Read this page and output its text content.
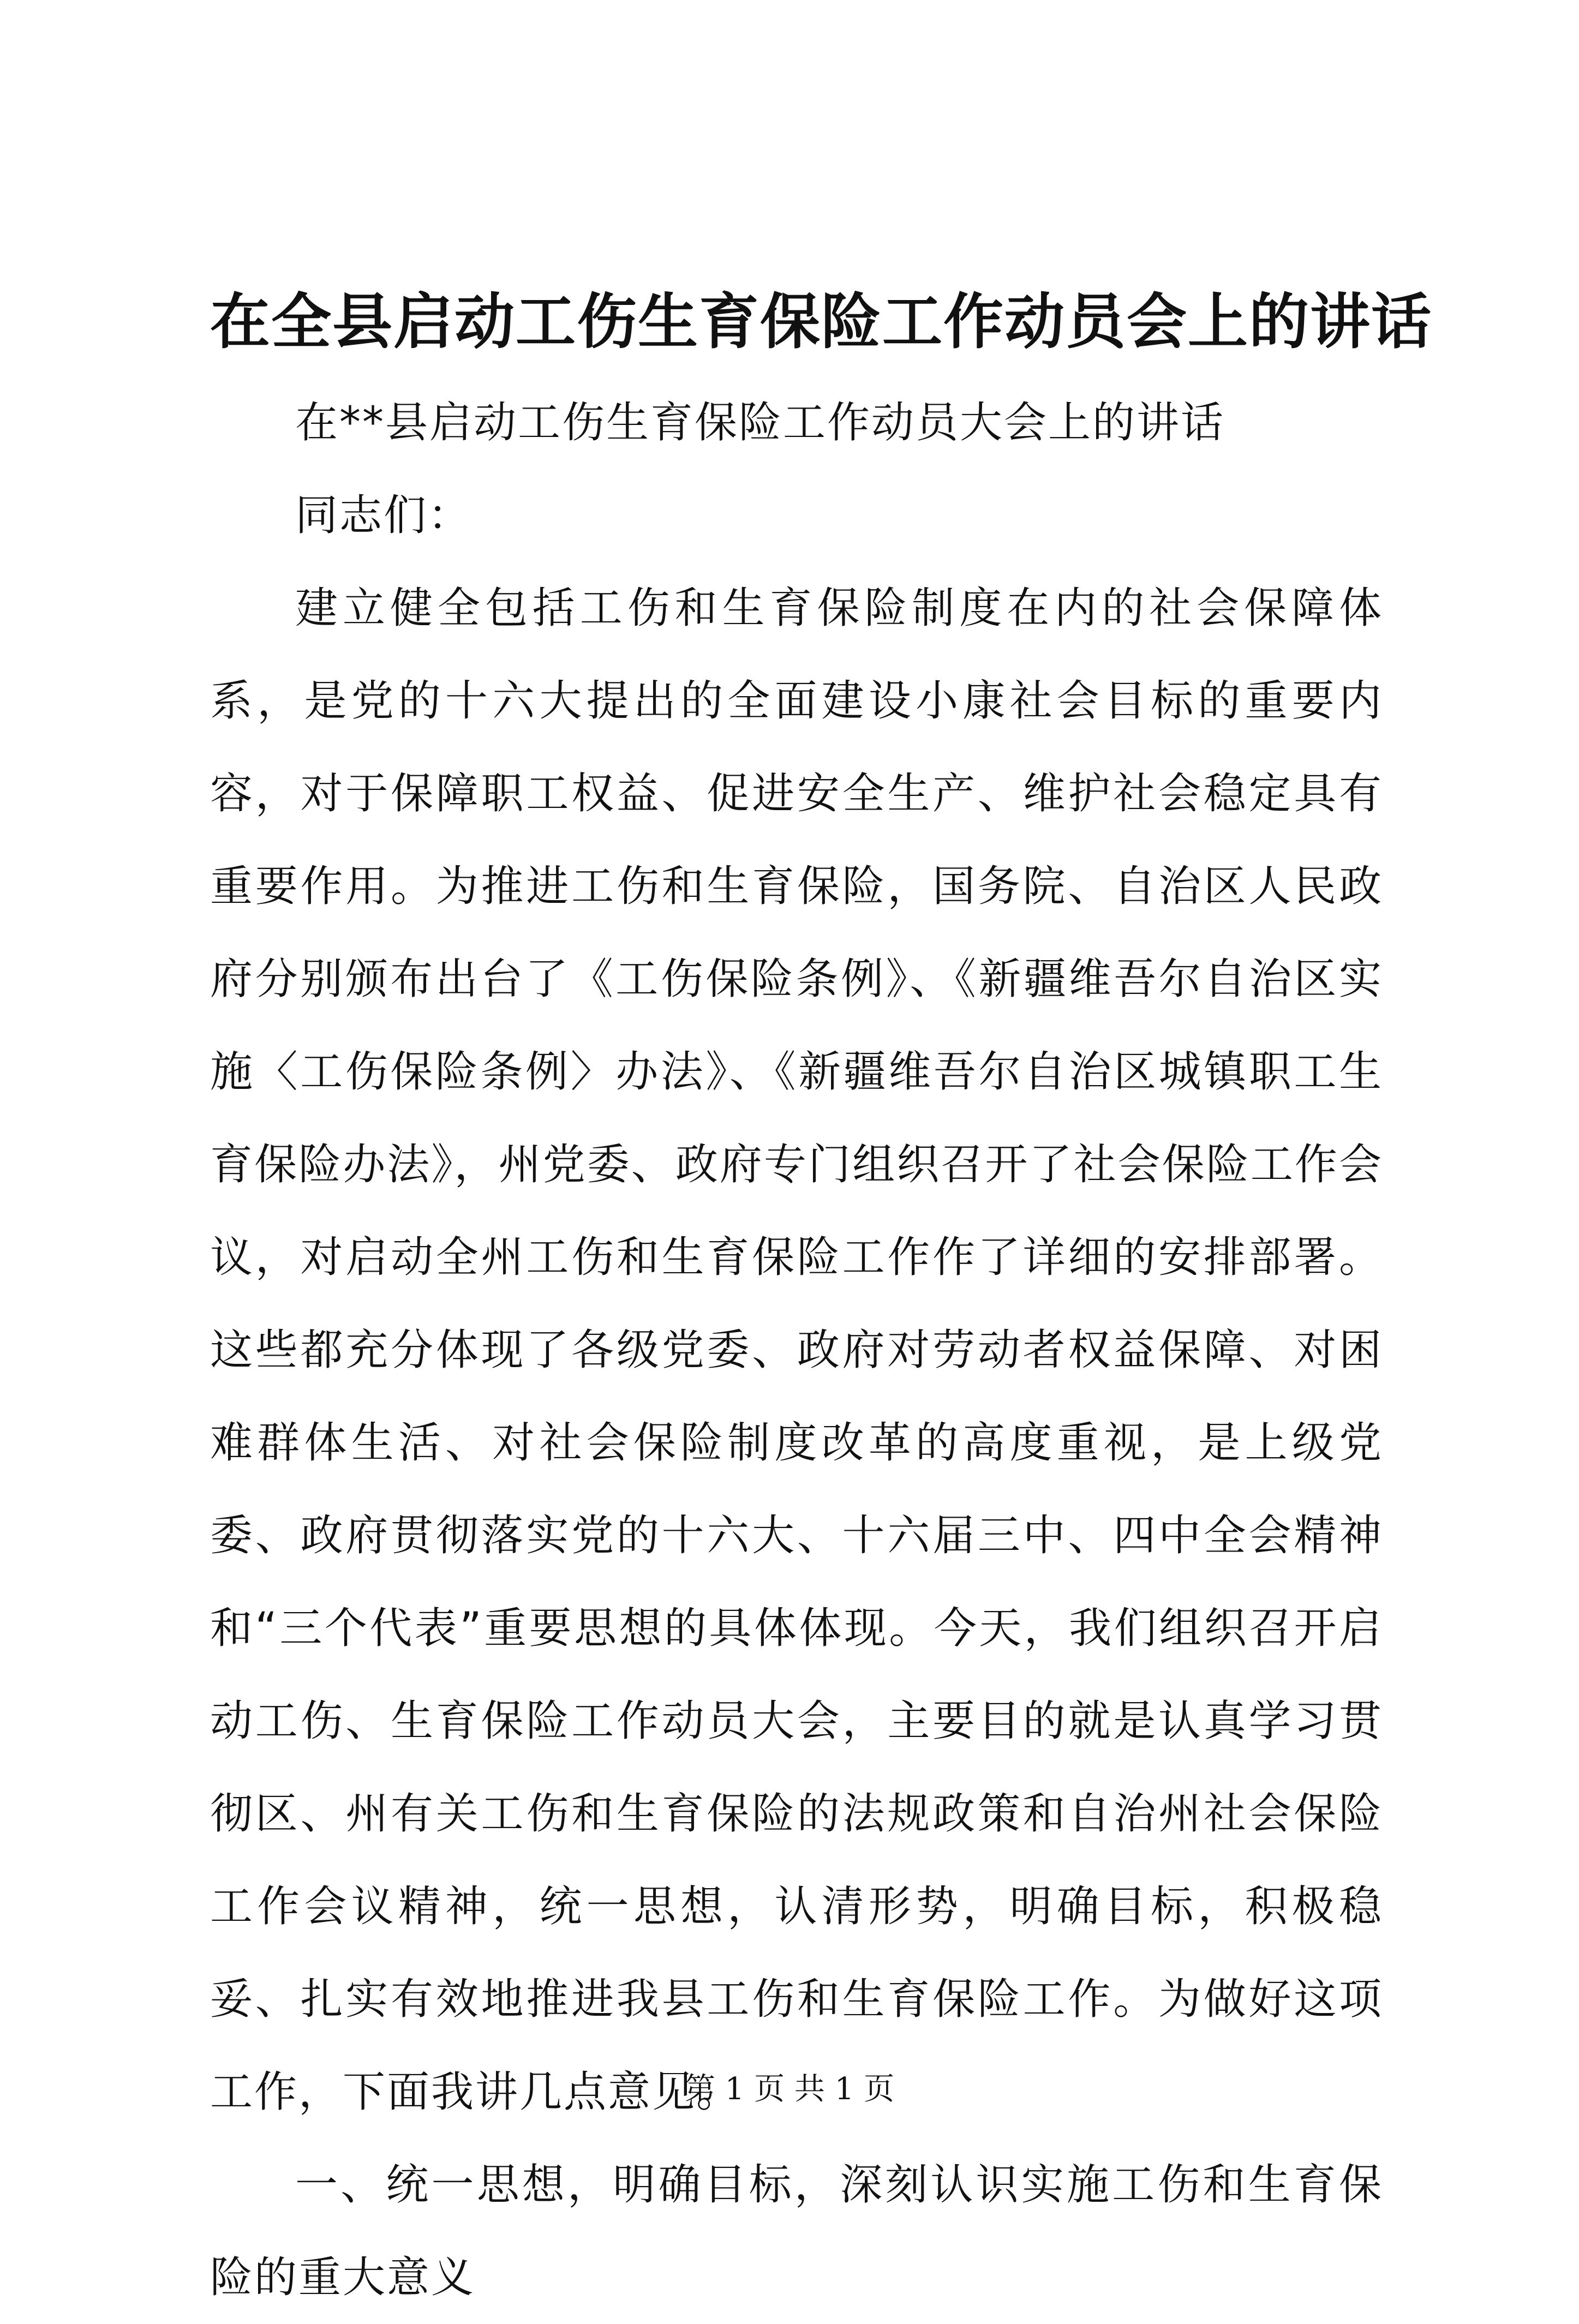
在全县启动工伤生育保险工作动员会上的讲话

在**县启动工伤生育保险工作动员大会上的讲话

同志们：

建立健全包括工伤和生育保险制度在内的社会保障体系，是党的十六大提出的全面建设小康社会目标的重要内容，对于保障职工权益、促进安全生产、维护社会稳定具有重要作用。为推进工伤和生育保险，国务院、自治区人民政府分别颁布出台了《工伤保险条例》、《新疆维吾尔自治区实施〈工伤保险条例〉办法》、《新疆维吾尔自治区城镇职工生育保险办法》，州党委、政府专门组织召开了社会保险工作会议，对启动全州工伤和生育保险工作作了详细的安排部署。这些都充分体现了各级党委、政府对劳动者权益保障、对困难群体生活、对社会保险制度改革的高度重视，是上级党委、政府贯彻落实党的十六大、十六届三中、四中全会精神和“三个代表”重要思想的具体体现。今天，我们组织召开启动工伤、生育保险工作动员大会，主要目的就是认真学习贯彻区、州有关工伤和生育保险的法规政策和自治州社会保险工作会议精神，统一思想，认清形势，明确目标，积极稳妥、扎实有效地推进我县工伤和生育保险工作。为做好这项工作，下面我讲几点意见。

一、统一思想，明确目标，深刻认识实施工伤和生育保险的重大意义

第 1 页 共 1 页
